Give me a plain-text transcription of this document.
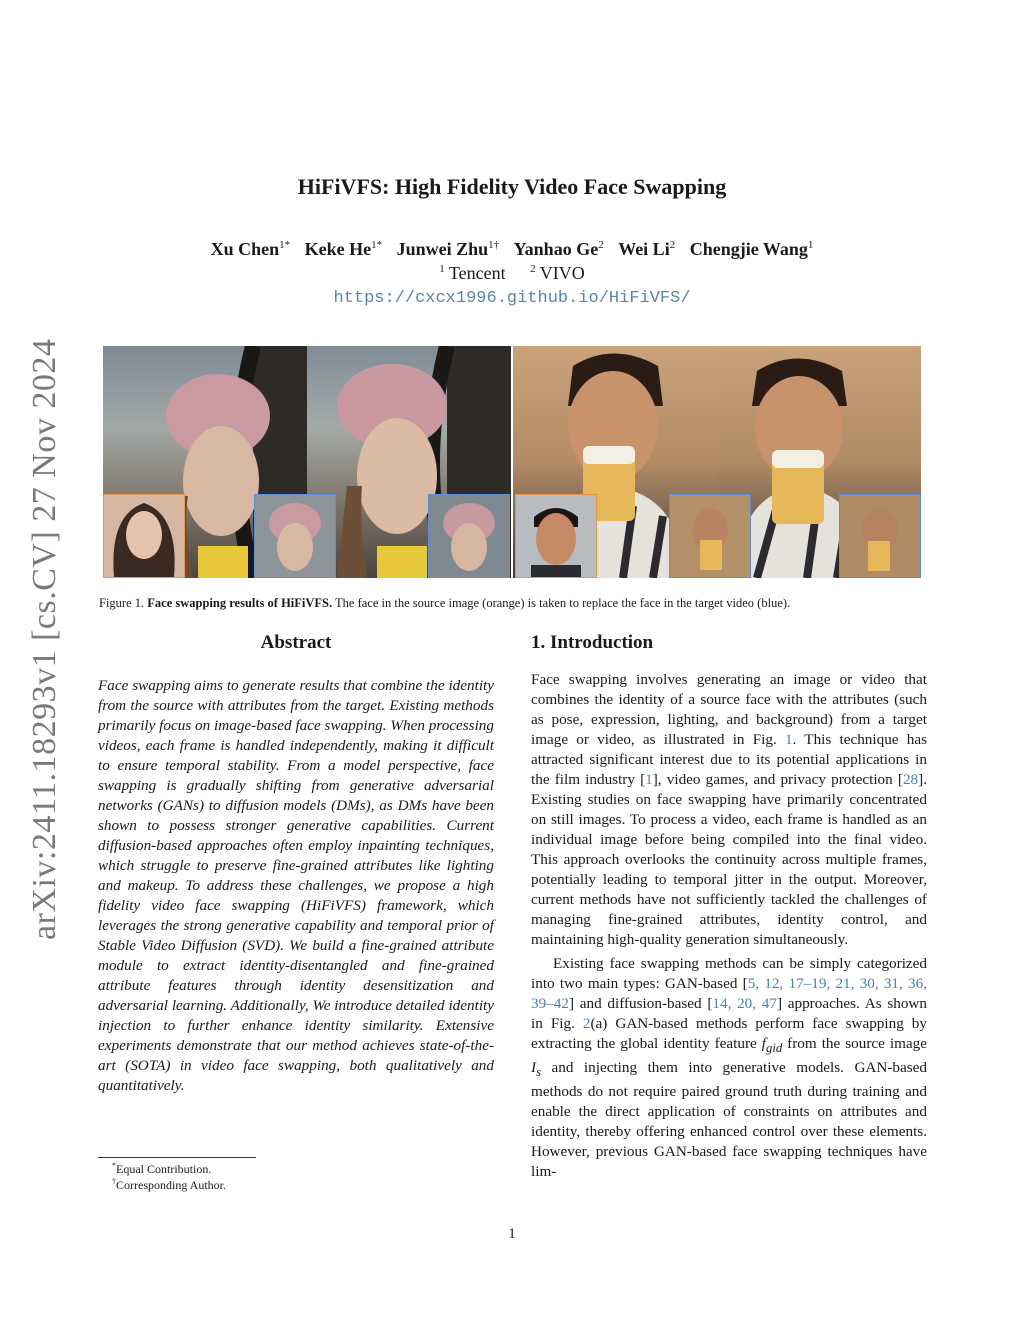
arXiv:2411.18293v1 [cs.CV] 27 Nov 2024
HiFiVFS: High Fidelity Video Face Swapping
Xu Chen$^{1*}$ Keke $He^{1*}$ Junwei Zhu$^{1\dagger}$ Yanhao Ge$^2$ Wei Li$^2$ Chengjie Wang$^1$
$^1$ Tencent $^2$ VIVO
https://cxcx1996.github.io/HiFiVFS/
Figure 1. Face swapping results of HiFiVFS. The face in the source image (orange) is taken to replace the face in the target video (blue).
Abstract	1. Introduction
Face swapping aims to generate results that combine the identity from the source with attributes from the target. Existing methods primarily focus on image-based face swapping. When processing videos, each frame is handled independently, making it difficult to ensure temporal stability. From a model perspective, face swapping is gradually shifting from generative adversarial networks (GANs) to diffusion models (DMs), as DMs have been shown to possess stronger generative capabilities. Current diffusion-based approaches often employ inpainting techniques, which struggle to preserve fine-grained attributes like lighting and makeup. To address these challenges, we propose a high fidelity video face swapping (HiFiVFS) framework, which leverages the strong generative capability and temporal prior of Stable Video Diffusion (SVD). We build a fine-grained attribute module to extract identity-disentangled and fine-grained attribute features through identity desensitization and adversarial learning. Additionally, We introduce detailed identity injection to further enhance identity similarity. Extensive experiments demonstrate that our method achieves state-of-the-art (SOTA) in video face swapping, both qualitatively and quantitatively.
Face swapping involves generating an image or video that combines the identity of a source face with the attributes (such as pose, expression, lighting, and background) from a target image or video, as illustrated in Fig. 1. This technique has attracted significant interest due to its potential applications in the film industry [1], video games, and privacy protection [28]. Existing studies on face swapping have primarily concentrated on still images. To process a video, each frame is handled as an individual image before being compiled into the final video. This approach overlooks the continuity across multiple frames, potentially leading to temporal jitter in the output. Moreover, current methods have not sufficiently tackled the challenges of managing fine-grained attributes, identity control, and maintaining high-quality generation simultaneously.
Existing face swapping methods can be simply categorized into two main types: GAN-based [5, 12, 17–19, 21, 30, 31, 36, 39–42] and diffusion-based [14, 20, 47] approaches. As shown in Fig. 2(a) GAN-based methods perform face swapping by extracting the global identity feature $f_{gid}$ from the source image $I_s$ and injecting them into generative models. GAN-based methods do not require paired ground truth during training and enable the direct application of constraints on attributes and identity, thereby offering enhanced control over these elements. However, previous GAN-based face swapping techniques have lim-
*Equal Contribution.
†Corresponding Author.
1
